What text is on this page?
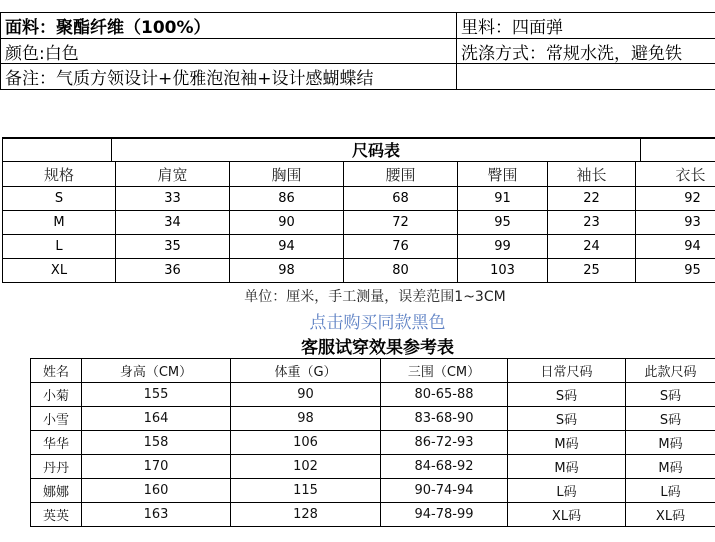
面料：聚酯纤维（100%）	里料：四面弹
颜色:白色	洗涤方式：常规水洗，避免铁
备注：气质方领设计+优雅泡泡袖+设计感蝴蝶结
尺码表
规格	肩宽	胸围	腰围	臀围	袖长	衣长
S	33	86	68	91	22	92
M	34	90	72	95	23	93
L	35	94	76	99	24	94
XL	36	98	80	103	25	95
单位：厘米，手工测量，误差范围1~3CM
点击购买同款黑色
客服试穿效果参考表
姓名	身高（CM）	体重（G）	三围（CM）	日常尺码	此款尺码
小菊	155	90	80-65-88	S码	S码
小雪	164	98	83-68-90	S码	S码
华华	158	106	86-72-93	M码	M码
丹丹	170	102	84-68-92	M码	M码
娜娜	160	115	90-74-94	L码	L码
英英	163	128	94-78-99	XL码	XL码
